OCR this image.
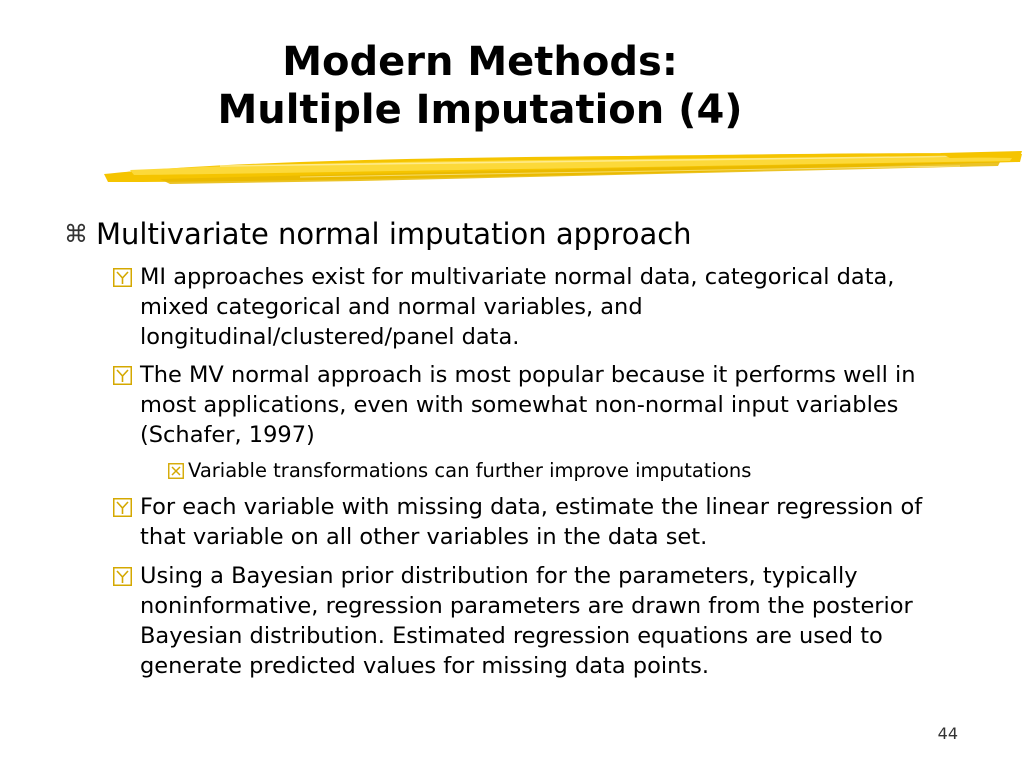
Modern Methods:
Multiple Imputation (4)
⌘ Multivariate normal imputation approach
MI approaches exist for multivariate normal data, categorical data, mixed categorical and normal variables, and longitudinal/clustered/panel data.
The MV normal approach is most popular because it performs well in most applications, even with somewhat non-normal input variables (Schafer, 1997)
Variable transformations can further improve imputations
For each variable with missing data, estimate the linear regression of that variable on all other variables in the data set.
Using a Bayesian prior distribution for the parameters, typically noninformative, regression parameters are drawn from the posterior Bayesian distribution. Estimated regression equations are used to generate predicted values for missing data points.
44
